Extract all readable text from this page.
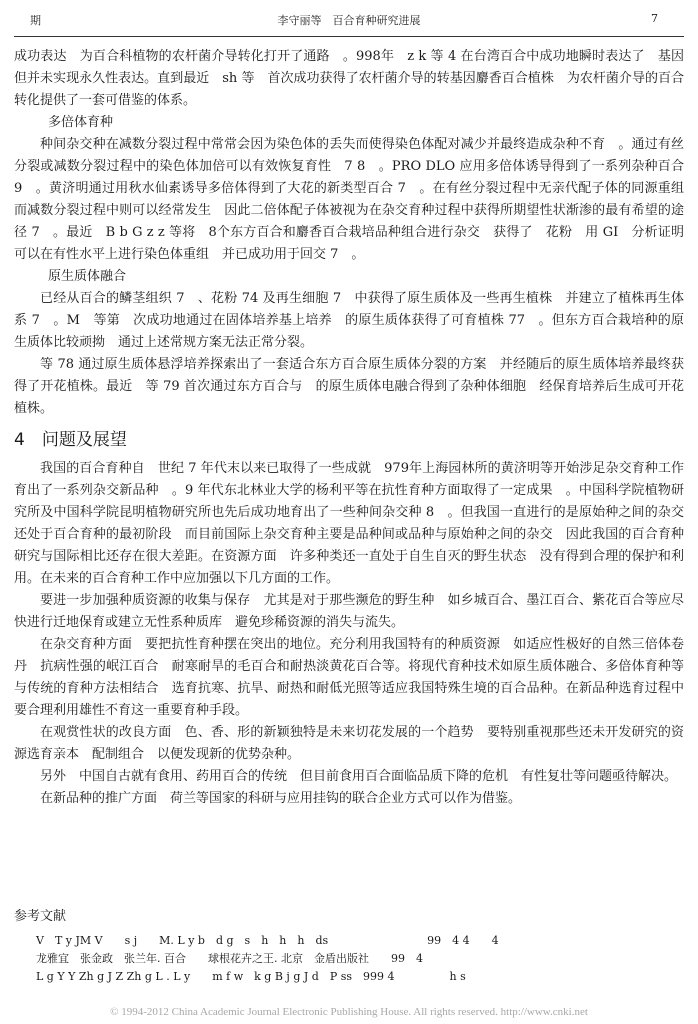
期	李守丽等　百合育种研究进展	7

成功表达　为百合科植物的农杆菌介导转化打开了通路　。998年　z k 等 4 在台湾百合中成功地瞬时表达了　基因　但并未实现永久性表达。直到最近　sh 等　首次成功获得了农杆菌介导的转基因麝香百合植株　为农杆菌介导的百合转化提供了一套可借鉴的体系。

多倍体育种

种间杂交种在减数分裂过程中常常会因为染色体的丢失而使得染色体配对减少并最终造成杂种不育　。通过有丝分裂或减数分裂过程中的染色体加倍可以有效恢复育性　7 8　。PRO DLO 应用多倍体诱导得到了一系列杂种百合 9　。黄济明通过用秋水仙素诱导多倍体得到了大花的新类型百合 7　。在有丝分裂过程中无亲代配子体的同源重组　而减数分裂过程中则可以经常发生　因此二倍体配子体被视为在杂交育种过程中获得所期望性状渐渗的最有希望的途径 7　。最近　B b G z z 等将　8个东方百合和麝香百合栽培品种组合进行杂交　获得了　花粉　用 GI　分析证明可以在有性水平上进行染色体重组　并已成功用于回交 7　。

原生质体融合

已经从百合的鳞茎组织 7　、花粉 74 及再生细胞 7　中获得了原生质体及一些再生植株　并建立了植株再生体系 7　。M　等第　次成功地通过在固体培养基上培养　的原生质体获得了可育植株 77　。但东方百合栽培种的原生质体比较顽拗　通过上述常规方案无法正常分裂。

等 78 通过原生质体悬浮培养探索出了一套适合东方百合原生质体分裂的方案　并经随后的原生质体培养最终获得了开花植株。最近　等 79 首次通过东方百合与　的原生质体电融合得到了杂种体细胞　经保育培养后生成可开花植株。

4　问题及展望

我国的百合育种自　世纪 7 年代末以来已取得了一些成就　979年上海园林所的黄济明等开始涉足杂交育种工作　育出了一系列杂交新品种　。9 年代东北林业大学的杨利平等在抗性育种方面取得了一定成果　。中国科学院植物研究所及中国科学院昆明植物研究所也先后成功地育出了一些种间杂交种 8　。但我国一直进行的是原始种之间的杂交　还处于百合育种的最初阶段　而目前国际上杂交育种主要是品种间或品种与原始种之间的杂交　因此我国的百合育种研究与国际相比还存在很大差距。在资源方面　许多种类还一直处于自生自灭的野生状态　没有得到合理的保护和利用。在未来的百合育种工作中应加强以下几方面的工作。

要进一步加强种质资源的收集与保存　尤其是对于那些濒危的野生种　如乡城百合、墨江百合、紫花百合等应尽快进行迁地保育或建立无性系种质库　避免珍稀资源的消失与流失。

在杂交育种方面　要把抗性育种摆在突出的地位。充分利用我国特有的种质资源　如适应性极好的自然三倍体卷丹　抗病性强的岷江百合　耐寒耐旱的毛百合和耐热淡黄花百合等。将现代育种技术如原生质体融合、多倍体育种等与传统的育种方法相结合　选育抗寒、抗旱、耐热和耐低光照等适应我国特殊生境的百合品种。在新品种选育过程中　要合理利用雄性不育这一重要育种手段。

在观赏性状的改良方面　色、香、形的新颖独特是未来切花发展的一个趋势　要特别重视那些还未开发研究的资源选育亲本　配制组合　以便发现新的优势杂种。

另外　中国自古就有食用、药用百合的传统　但目前食用百合面临品质下降的危机　有性复壮等问题亟待解决。

在新品种的推广方面　荷兰等国家的科研与应用挂钩的联合企业方式可以作为借鉴。

参考文献
V　T y JM V　　s j　　M. L y b　d g　s　h　h　h　ds　　　　　　　　　99　4 4　　4
龙雅宜　张金政　张兰年. 百合　　球根花卉之王. 北京　金盾出版社　　99　4
L g Y Y Zh g J Z Zh g L . L y　　m f w　k g B j g J d　P ss　999 4　　　　　h s
© 1994-2012 China Academic Journal Electronic Publishing House. All rights reserved. http://www.cnki.net
